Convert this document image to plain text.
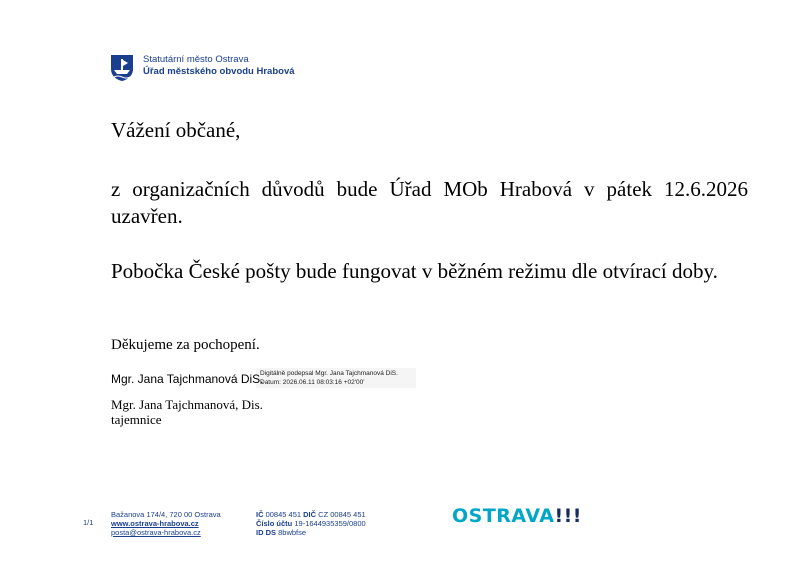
Statutární město Ostrava
Úřad městského obvodu Hrabová
Vážení občané,
z organizačních důvodů bude Úřad MOb Hrabová v pátek 12.6.2026 uzavřen.
Pobočka České pošty bude fungovat v běžném režimu dle otvírací doby.
Děkujeme za pochopení.
Mgr. Jana Tajchmanová DiS.
Digitálně podepsal Mgr. Jana Tajchmanová DiS.
Datum: 2026.06.11 08:03:16 +02'00'
Mgr. Jana Tajchmanová, Dis.
tajemnice
1/1
Bažanova 174/4, 720 00 Ostrava
www.ostrava-hrabova.cz
posta@ostrava-hrabova.cz
IČ 00845 451 DIČ CZ 00845 451
Číslo účtu 19-1644935359/0800
ID DS 8bwbfse
OSTRAVA!!!
